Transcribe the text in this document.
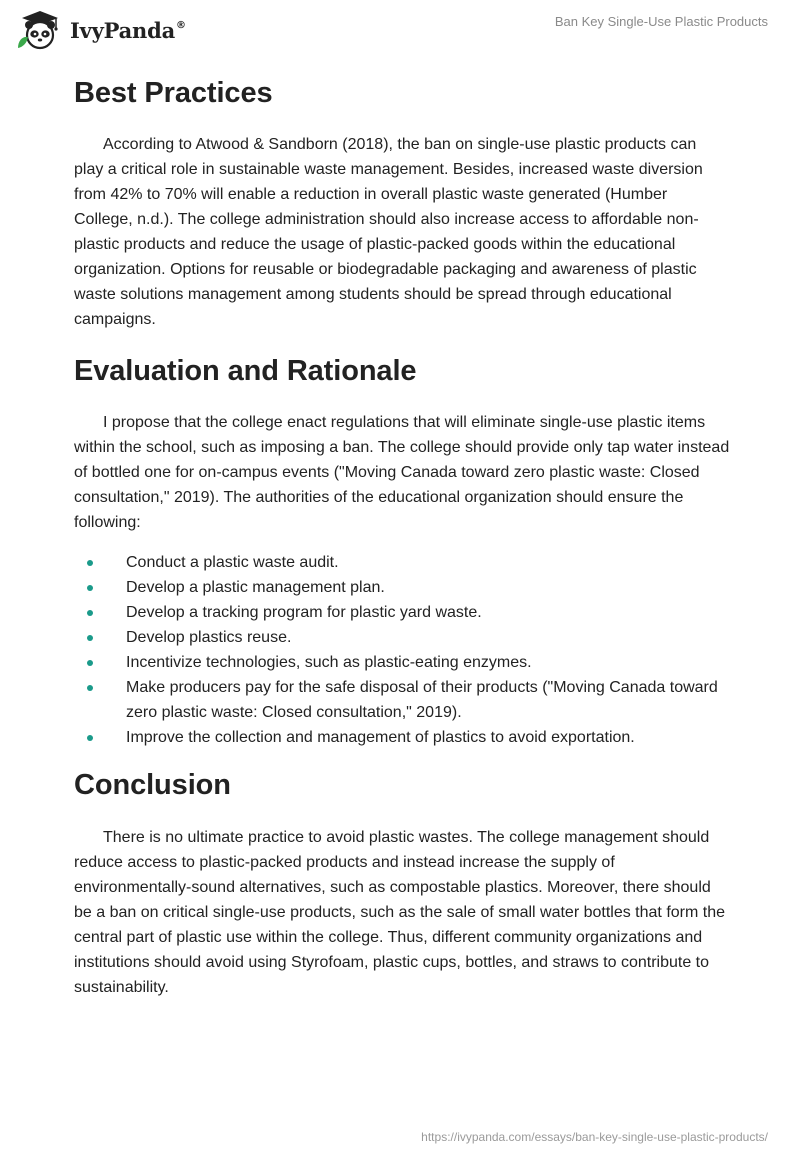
IvyPanda®	Ban Key Single-Use Plastic Products
Best Practices

According to Atwood & Sandborn (2018), the ban on single-use plastic products can play a critical role in sustainable waste management. Besides, increased waste diversion from 42% to 70% will enable a reduction in overall plastic waste generated (Humber College, n.d.). The college administration should also increase access to affordable non-plastic products and reduce the usage of plastic-packed goods within the educational organization. Options for reusable or biodegradable packaging and awareness of plastic waste solutions management among students should be spread through educational campaigns.

Evaluation and Rationale

I propose that the college enact regulations that will eliminate single-use plastic items within the school, such as imposing a ban. The college should provide only tap water instead of bottled one for on-campus events ("Moving Canada toward zero plastic waste: Closed consultation," 2019). The authorities of the educational organization should ensure the following:

Conduct a plastic waste audit.
Develop a plastic management plan.
Develop a tracking program for plastic yard waste.
Develop plastics reuse.
Incentivize technologies, such as plastic-eating enzymes.
Make producers pay for the safe disposal of their products ("Moving Canada toward zero plastic waste: Closed consultation," 2019).
Improve the collection and management of plastics to avoid exportation.
Conclusion

There is no ultimate practice to avoid plastic wastes. The college management should reduce access to plastic-packed products and instead increase the supply of environmentally-sound alternatives, such as compostable plastics. Moreover, there should be a ban on critical single-use products, such as the sale of small water bottles that form the central part of plastic use within the college. Thus, different community organizations and institutions should avoid using Styrofoam, plastic cups, bottles, and straws to contribute to sustainability.

https://ivypanda.com/essays/ban-key-single-use-plastic-products/
